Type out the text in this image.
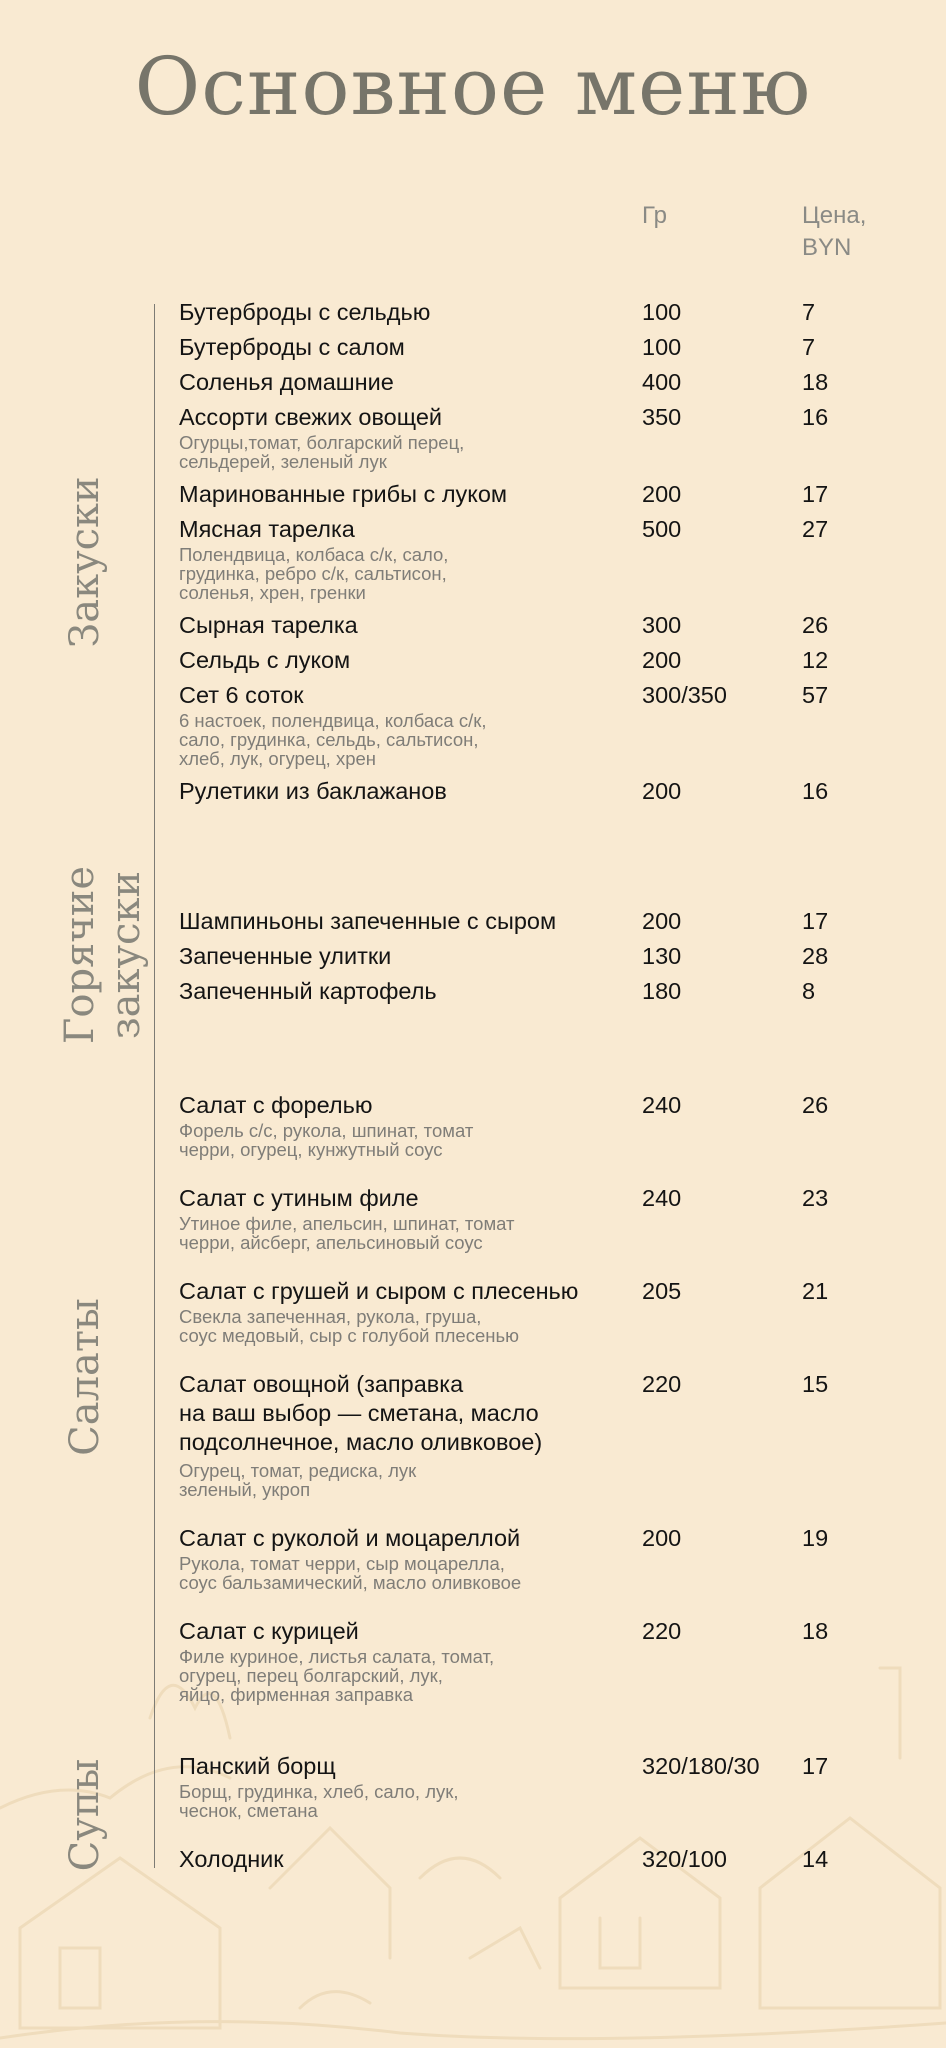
Основное меню
Гр	Цена,
BYN
Закуски
Горячие закуски
Салаты
Супы
Бутерброды с сельдью	100	7
Бутерброды с салом	100	7
Соленья домашние	400	18
Ассорти свежих овощей	350	16
Огурцы,томат, болгарский перец,
сельдерей, зеленый лук
Маринованные грибы с луком	200	17
Мясная тарелка	500	27
Полендвица, колбаса с/к, сало,
грудинка, ребро с/к, сальтисон,
соленья, хрен, гренки
Сырная тарелка	300	26
Сельдь с луком	200	12
Сет 6 соток	300/350	57
6 настоек, полендвица, колбаса с/к,
сало, грудинка, сельдь, сальтисон,
хлеб, лук, огурец, хрен
Рулетики из баклажанов	200	16
Шампиньоны запеченные с сыром	200	17
Запеченные улитки	130	28
Запеченный картофель	180	8
Салат с форелью	240	26
Форель с/с, рукола, шпинат, томат
черри, огурец, кунжутный соус
Салат с утиным филе	240	23
Утиное филе, апельсин, шпинат, томат
черри, айсберг, апельсиновый соус
Салат с грушей и сыром с плесенью	205	21
Свекла запеченная, рукола, груша,
соус медовый, сыр с голубой плесенью
Салат овощной (заправка
на ваш выбор — сметана, масло
подсолнечное, масло оливковое)
220	15
Огурец, томат, редиска, лук
зеленый, укроп
Салат с руколой и моцареллой	200	19
Рукола, томат черри, сыр моцарелла,
соус бальзамический, масло оливковое
Салат с курицей	220	18
Филе куриное, листья салата, томат,
огурец, перец болгарский, лук,
яйцо, фирменная заправка
Панский борщ	320/180/30 17
Борщ, грудинка, хлеб, сало, лук,
чеснок, сметана
Холодник	320/100	14
